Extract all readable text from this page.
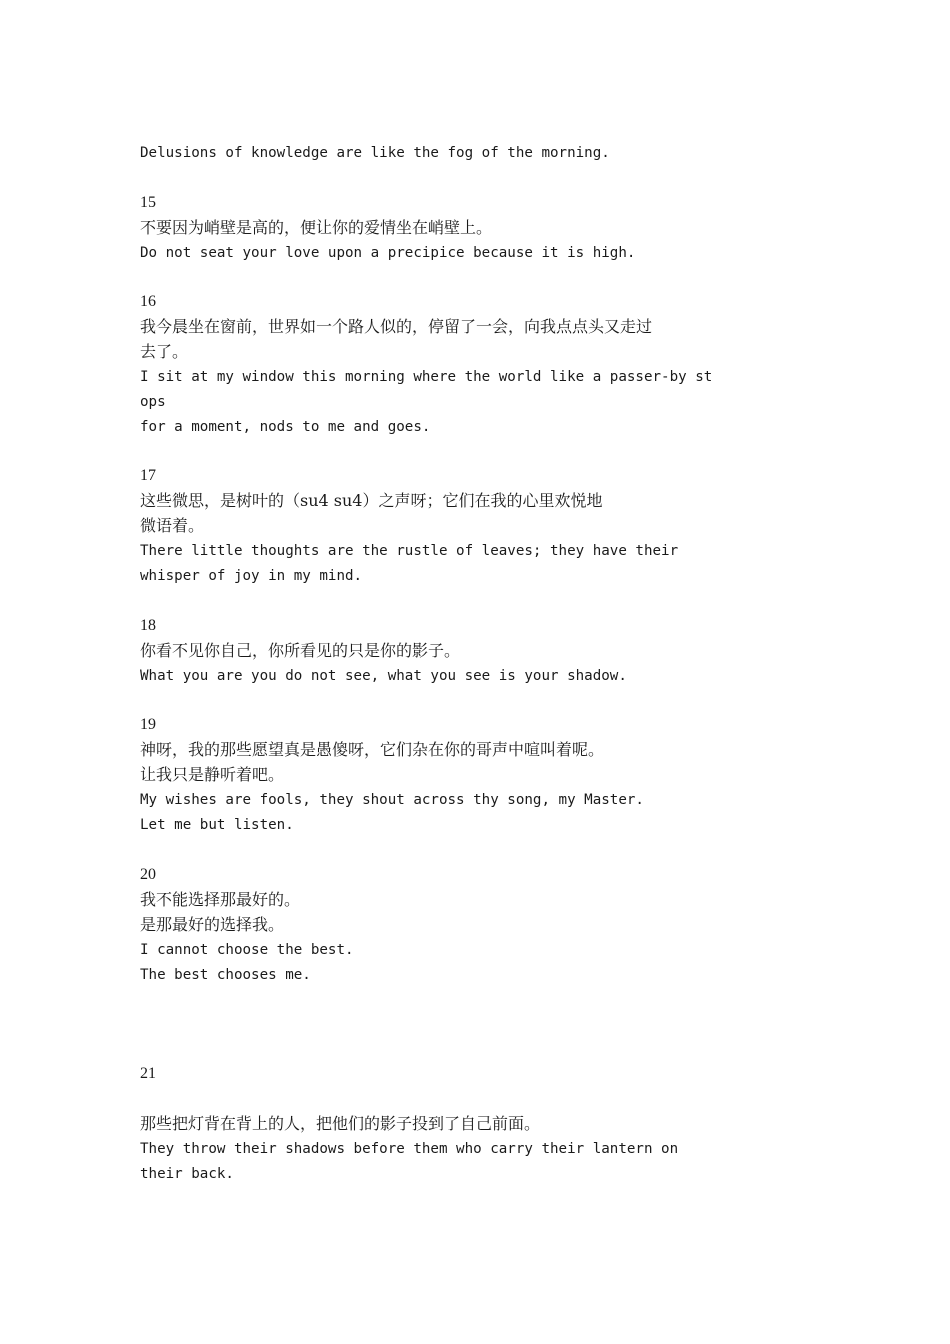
Delusions of knowledge are like the fog of the morning.
15
不要因为峭壁是高的，便让你的爱情坐在峭壁上。
Do not seat your love upon a precipice because it is high.
16
我今晨坐在窗前，世界如一个路人似的，停留了一会，向我点点头又走过
去了。
I sit at my window this morning where the world like a passer-by st
ops
for a moment, nods to me and goes.
17
这些微思，是树叶的（su4 su4）之声呀；它们在我的心里欢悦地
微语着。
There little thoughts are the rustle of leaves; they have their
whisper of joy in my mind.
18
你看不见你自己，你所看见的只是你的影子。
What you are you do not see, what you see is your shadow.
19
神呀，我的那些愿望真是愚傻呀，它们杂在你的哥声中喧叫着呢。
让我只是静听着吧。
My wishes are fools, they shout across thy song, my Master.
Let me but listen.
20
我不能选择那最好的。
是那最好的选择我。
I cannot choose the best.
The best chooses me.
21
那些把灯背在背上的人，把他们的影子投到了自己前面。
They throw their shadows before them who carry their lantern on
their back.
